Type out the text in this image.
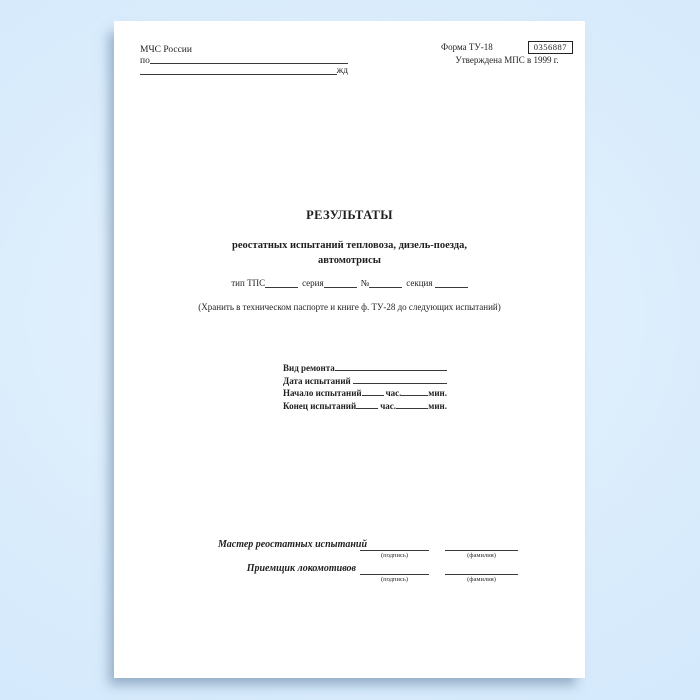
МЧС России
по
жд
Форма ТУ-18	0356887
Утверждена МПС в 1999 г.
РЕЗУЛЬТАТЫ
реостатных испытаний тепловоза, дизель-поезда,
автомотрисы
тип ТПС	серия	№	секция
(Хранить в техническом паспорте и книге ф. ТУ-28 до следующих испытаний)
Вид ремонта
Дата испытаний
Начало испытаний	час.	мин.
Конец испытаний	час.	мин.
Мастер реостатных испытаний
(подпись)	(фамилия)
Приемщик локомотивов
(подпись)	(фамилия)
